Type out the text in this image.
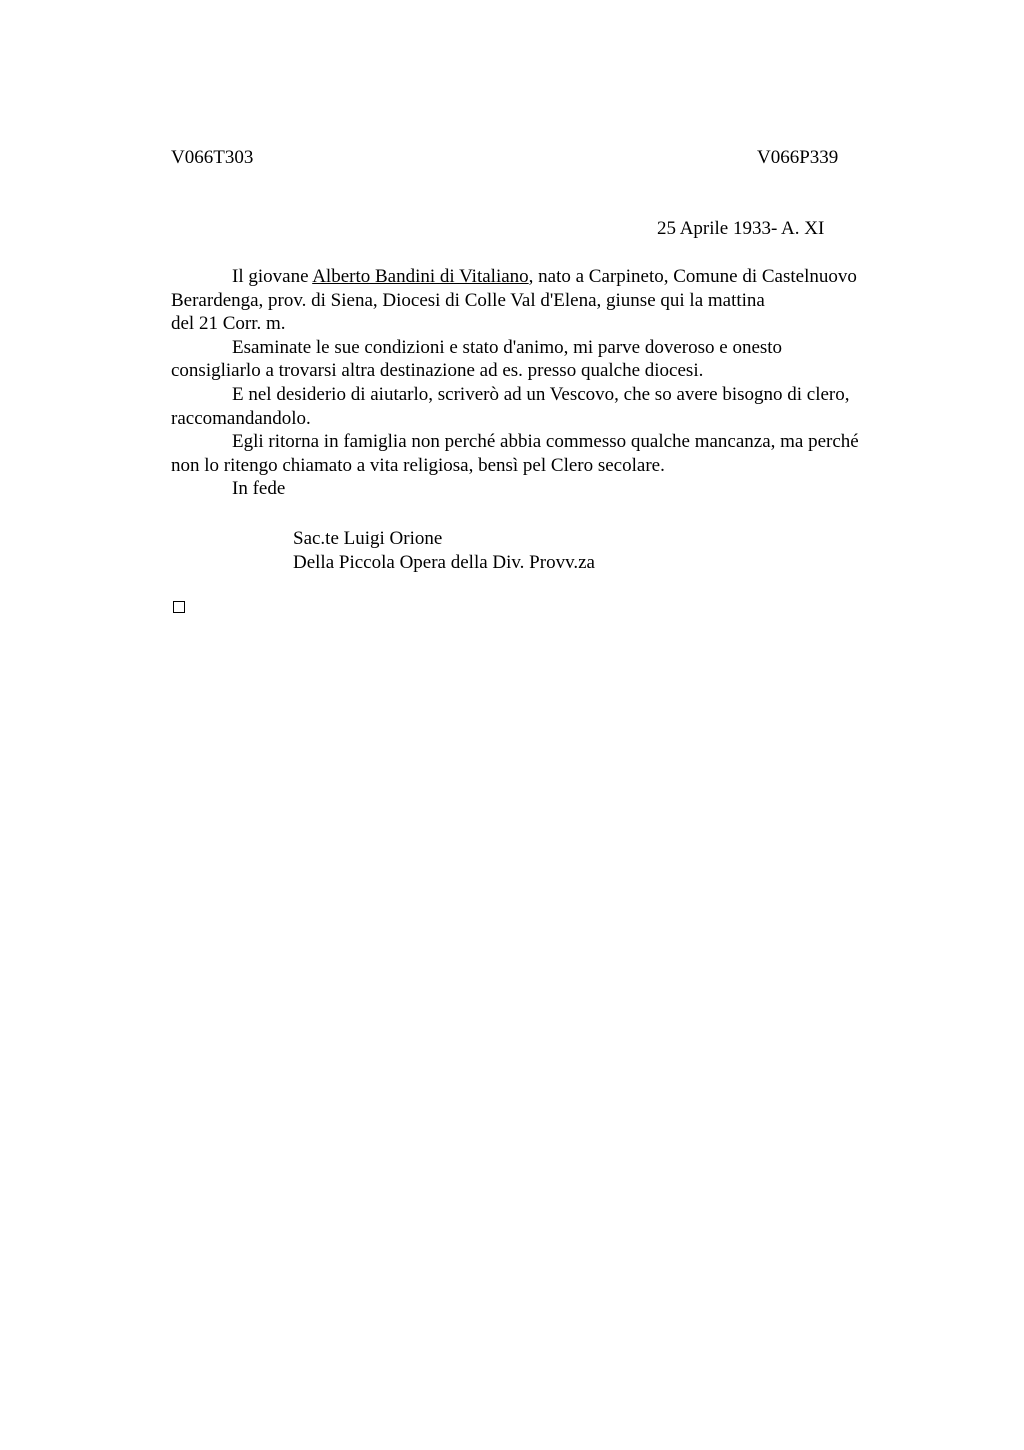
V066T303	V066P339
25 Aprile 1933- A. XI
Il giovane Alberto Bandini di Vitaliano, nato a Carpineto, Comune di Castelnuovo
Berardenga, prov. di Siena, Diocesi di Colle Val d'Elena, giunse qui la mattina
del 21 Corr. m.
Esaminate le sue condizioni e stato d'animo, mi parve doveroso e onesto
consigliarlo a trovarsi altra destinazione ad es. presso qualche diocesi.
E nel desiderio di aiutarlo, scriverò ad un Vescovo, che so avere bisogno di clero,
raccomandandolo.
Egli ritorna in famiglia non perché abbia commesso qualche mancanza, ma perché
non lo ritengo chiamato a vita religiosa, bensì pel Clero secolare.
In fede
Sac.te Luigi Orione
Della Piccola Opera della Div. Provv.za
